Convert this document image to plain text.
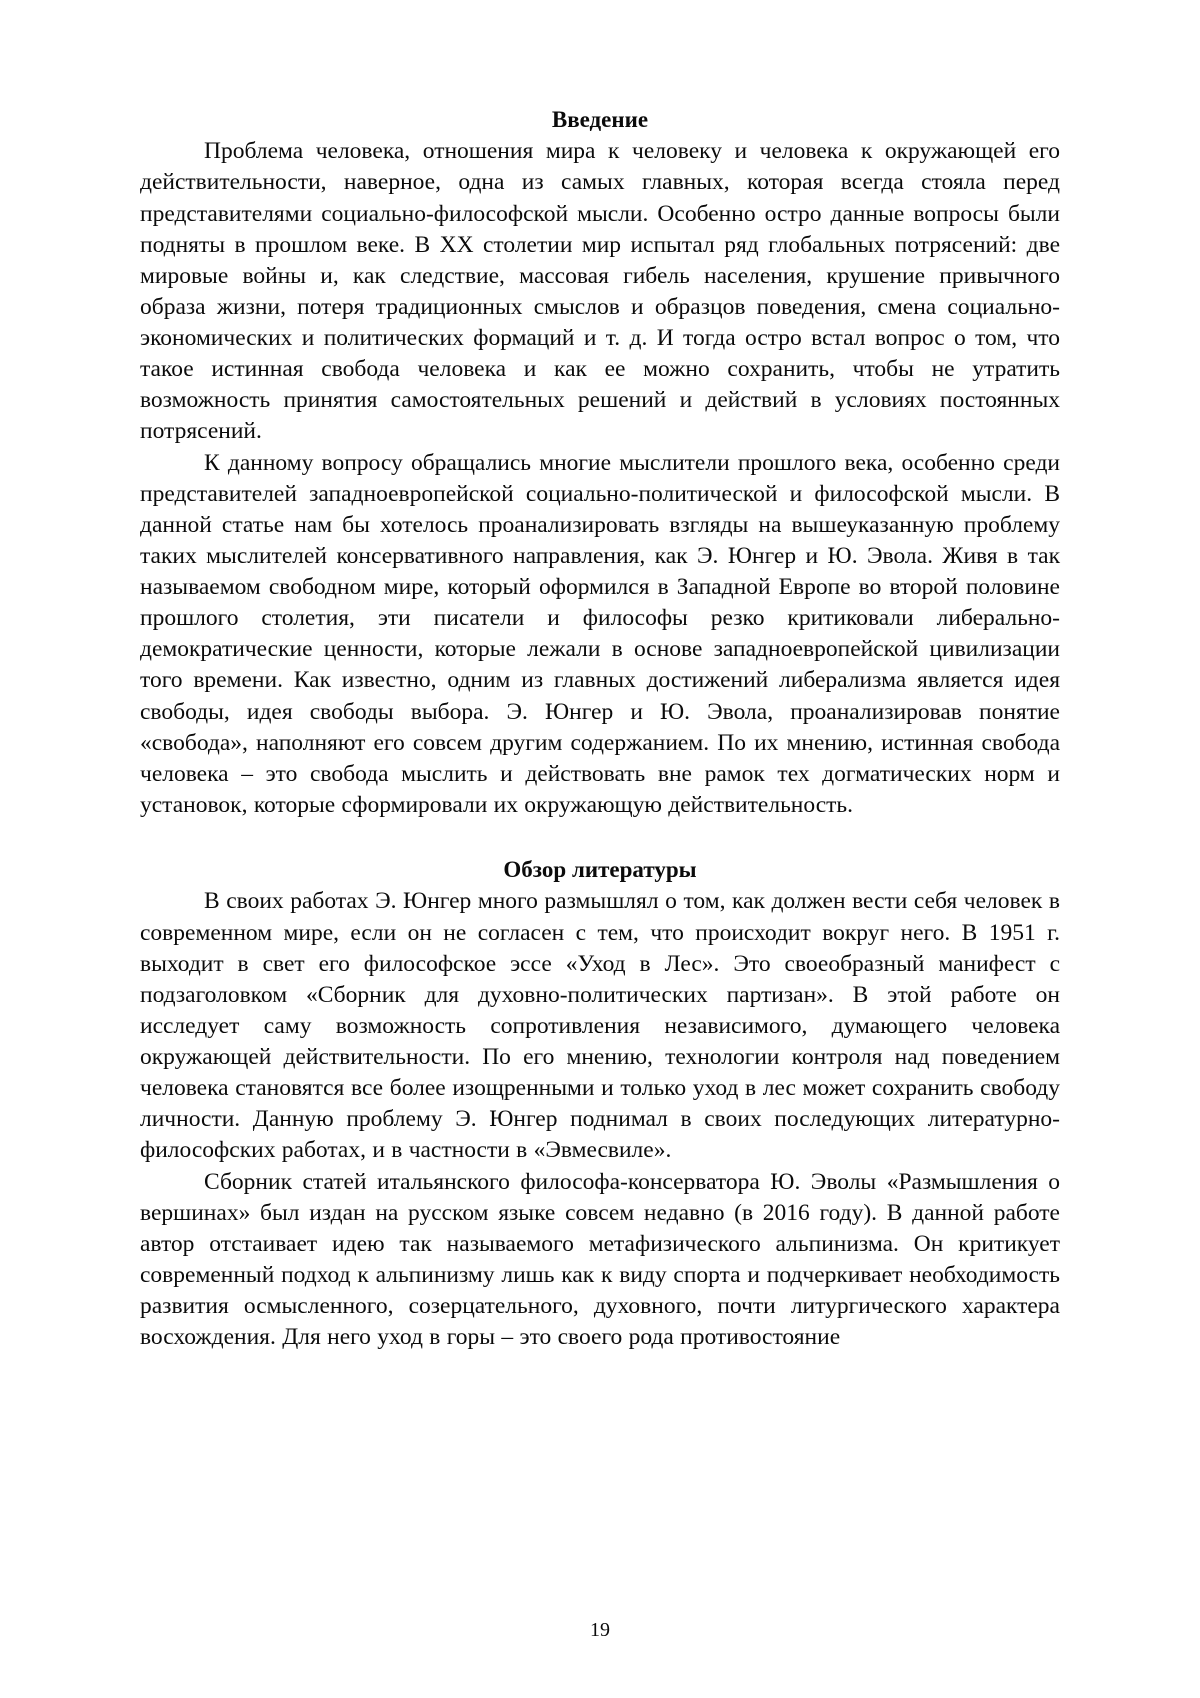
Введение

Проблема человека, отношения мира к человеку и человека к окружающей его действительности, наверное, одна из самых главных, которая всегда стояла перед представителями социально-философской мысли. Особенно остро данные вопросы были подняты в прошлом веке. В XX столетии мир испытал ряд глобальных потрясений: две мировые войны и, как следствие, массовая гибель населения, крушение привычного образа жизни, потеря традиционных смыслов и образцов поведения, смена социально-экономических и политических формаций и т. д. И тогда остро встал вопрос о том, что такое истинная свобода человека и как ее можно сохранить, чтобы не утратить возможность принятия самостоятельных решений и действий в условиях постоянных потрясений.

К данному вопросу обращались многие мыслители прошлого века, особенно среди представителей западноевропейской социально-политической и философской мысли. В данной статье нам бы хотелось проанализировать взгляды на вышеуказанную проблему таких мыслителей консервативного направления, как Э. Юнгер и Ю. Эвола. Живя в так называемом свободном мире, который оформился в Западной Европе во второй половине прошлого столетия, эти писатели и философы резко критиковали либерально-демократические ценности, которые лежали в основе западноевропейской цивилизации того времени. Как известно, одним из главных достижений либерализма является идея свободы, идея свободы выбора. Э. Юнгер и Ю. Эвола, проанализировав понятие «свобода», наполняют его совсем другим содержанием. По их мнению, истинная свобода человека – это свобода мыслить и действовать вне рамок тех догматических норм и установок, которые сформировали их окружающую действительность.

Обзор литературы

В своих работах Э. Юнгер много размышлял о том, как должен вести себя человек в современном мире, если он не согласен с тем, что происходит вокруг него. В 1951 г. выходит в свет его философское эссе «Уход в Лес». Это своеобразный манифест с подзаголовком «Сборник для духовно-политических партизан». В этой работе он исследует саму возможность сопротивления независимого, думающего человека окружающей действительности. По его мнению, технологии контроля над поведением человека становятся все более изощренными и только уход в лес может сохранить свободу личности. Данную проблему Э. Юнгер поднимал в своих последующих литературно-философских работах, и в частности в «Эвмесвиле».

Сборник статей итальянского философа-консерватора Ю. Эволы «Размышления о вершинах» был издан на русском языке совсем недавно (в 2016 году). В данной работе автор отстаивает идею так называемого метафизического альпинизма. Он критикует современный подход к альпинизму лишь как к виду спорта и подчеркивает необходимость развития осмысленного, созерцательного, духовного, почти литургического характера восхождения. Для него уход в горы – это своего рода противостояние

19
